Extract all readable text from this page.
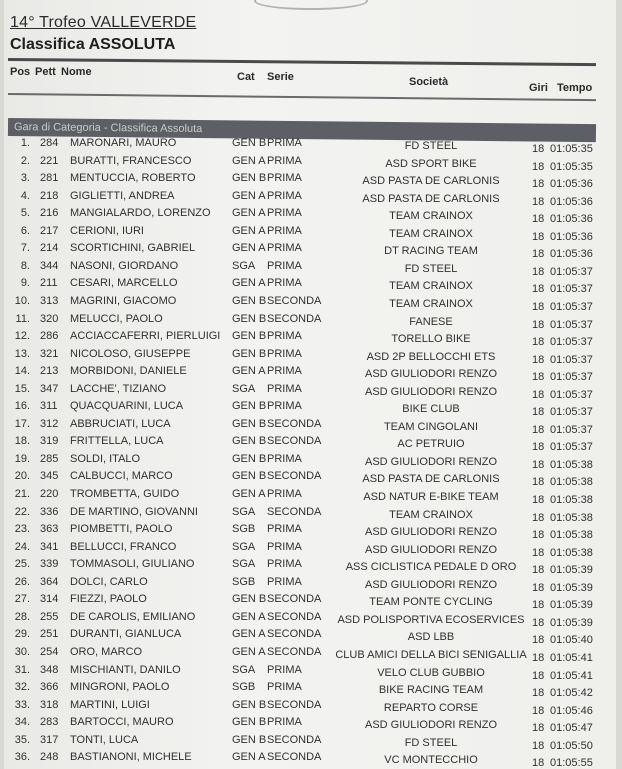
14° Trofeo VALLEVERDE
Classifica ASSOLUTA
Pos Pett Nome	Cat Serie	Società	Giri Tempo
Gara di Categoria - Classifica Assoluta
1. 284 MARONARI, MAURO	GEN B PRIMA	FD STEEL	18 01:05:35
2. 221 BURATTI, FRANCESCO	GEN A PRIMA	ASD SPORT BIKE	18 01:05:35
3. 281 MENTUCCIA, ROBERTO	GEN B PRIMA	ASD PASTA DE CARLONIS	18 01:05:36
4. 218 GIGLIETTI, ANDREA	GEN A PRIMA	ASD PASTA DE CARLONIS	18 01:05:36
5. 216 MANGIALARDO, LORENZO GEN A PRIMA	TEAM CRAINOX	18 01:05:36
6. 217 CERIONI, IURI	GEN A PRIMA	TEAM CRAINOX	18 01:05:36
7. 214 SCORTICHINI, GABRIEL	GEN A PRIMA	DT RACING TEAM	18 01:05:36
8. 344 NASONI, GIORDANO	SGA PRIMA	FD STEEL	18 01:05:37
9. 211 CESARI, MARCELLO	GEN A PRIMA	TEAM CRAINOX	18 01:05:37
10. 313 MAGRINI, GIACOMO	GEN B SECONDA	TEAM CRAINOX	18 01:05:37
11. 320 MELUCCI, PAOLO	GEN B SECONDA	FANESE	18 01:05:37
12. 286 ACCIACCAFERRI, PIERLUIGI GEN B PRIMA	TORELLO BIKE	18 01:05:37
13. 321 NICOLOSO, GIUSEPPE	GEN B PRIMA	ASD 2P BELLOCCHI ETS	18 01:05:37
14. 213 MORBIDONI, DANIELE	GEN A PRIMA	ASD GIULIODORI RENZO	18 01:05:37
15. 347 LACCHE', TIZIANO	SGA PRIMA	ASD GIULIODORI RENZO	18 01:05:37
16. 311 QUACQUARINI, LUCA	GEN B PRIMA	BIKE CLUB	18 01:05:37
17. 312 ABBRUCIATI, LUCA	GEN B SECONDA	TEAM CINGOLANI	18 01:05:37
18. 319 FRITTELLA, LUCA	GEN B SECONDA	AC PETRUIO	18 01:05:37
19. 285 SOLDI, ITALO	GEN B PRIMA	ASD GIULIODORI RENZO	18 01:05:38
20. 345 CALBUCCI, MARCO	GEN B SECONDA	ASD PASTA DE CARLONIS	18 01:05:38
21. 220 TROMBETTA, GUIDO	GEN A PRIMA	ASD NATUR E-BIKE TEAM	18 01:05:38
22. 336 DE MARTINO, GIOVANNI	SGA SECONDA	TEAM CRAINOX	18 01:05:38
23. 363 PIOMBETTI, PAOLO	SGB PRIMA	ASD GIULIODORI RENZO	18 01:05:38
24. 341 BELLUCCI, FRANCO	SGA PRIMA	ASD GIULIODORI RENZO	18 01:05:38
25. 339 TOMMASOLI, GIULIANO	SGA PRIMA	ASS CICLISTICA PEDALE D ORO	18 01:05:39
26. 364 DOLCI, CARLO	SGB PRIMA	ASD GIULIODORI RENZO	18 01:05:39
27. 314 FIEZZI, PAOLO	GEN B SECONDA	TEAM PONTE CYCLING	18 01:05:39
28. 255 DE CAROLIS, EMILIANO	GEN A SECONDA	ASD POLISPORTIVA ECOSERVICES 18 01:05:39
29. 251 DURANTI, GIANLUCA	GEN A SECONDA	ASD LBB	18 01:05:40
30. 254 ORO, MARCO	GEN A SECONDA	CLUB AMICI DELLA BICI SENIGALLIA 18 01:05:41
31. 348 MISCHIANTI, DANILO	SGA PRIMA	VELO CLUB GUBBIO	18 01:05:41
32. 366 MINGRONI, PAOLO	SGB PRIMA	BIKE RACING TEAM	18 01:05:42
33. 318 MARTINI, LUIGI	GEN B SECONDA	REPARTO CORSE	18 01:05:46
34. 283 BARTOCCI, MAURO	GEN B PRIMA	ASD GIULIODORI RENZO	18 01:05:47
35. 317 TONTI, LUCA	GEN B SECONDA	FD STEEL	18 01:05:50
36. 248 BASTIANONI, MICHELE	GEN A SECONDA	VC MONTECCHIO	18 01:05:55
